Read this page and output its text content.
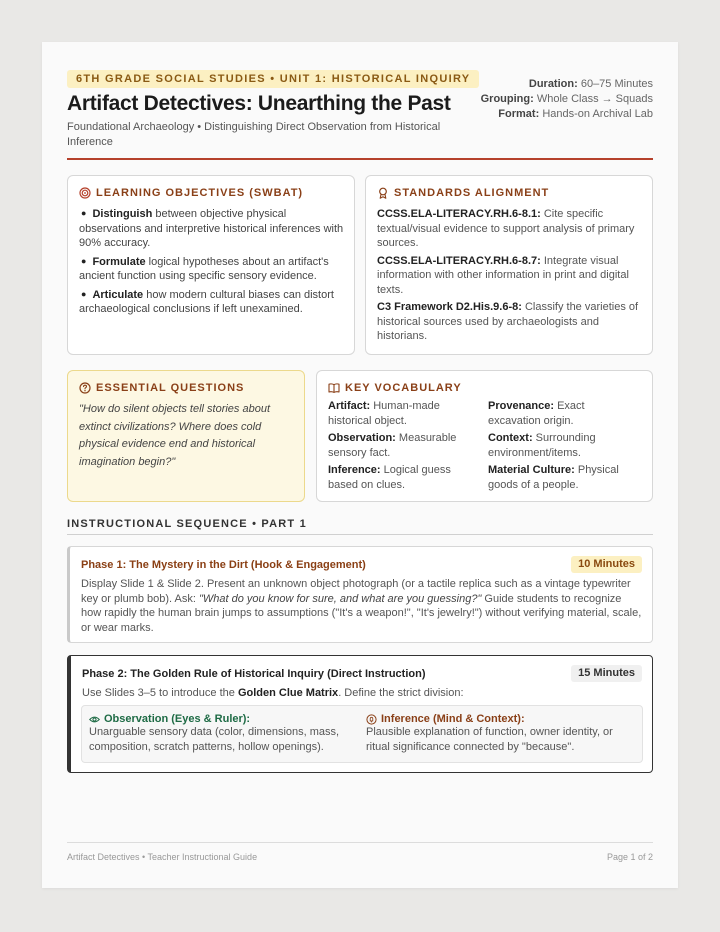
6TH GRADE SOCIAL STUDIES • UNIT 1: HISTORICAL INQUIRY
Artifact Detectives: Unearthing the Past
Foundational Archaeology • Distinguishing Direct Observation from Historical Inference
Duration: 60–75 Minutes
Grouping: Whole Class → Squads
Format: Hands-on Archival Lab
LEARNING OBJECTIVES (SWBAT)
● Distinguish between objective physical observations and interpretive historical inferences with 90% accuracy.
● Formulate logical hypotheses about an artifact's ancient function using specific sensory evidence.
● Articulate how modern cultural biases can distort archaeological conclusions if left unexamined.
STANDARDS ALIGNMENT
CCSS.ELA-LITERACY.RH.6-8.1: Cite specific textual/visual evidence to support analysis of primary sources.
CCSS.ELA-LITERACY.RH.6-8.7: Integrate visual information with other information in print and digital texts.
C3 Framework D2.His.9.6-8: Classify the varieties of historical sources used by archaeologists and historians.
ESSENTIAL QUESTIONS
"How do silent objects tell stories about extinct civilizations? Where does cold physical evidence end and historical imagination begin?"
KEY VOCABULARY
Artifact: Human-made historical object.
Provenance: Exact excavation origin.
Observation: Measurable sensory fact.
Context: Surrounding environment/items.
Inference: Logical guess based on clues.
Material Culture: Physical goods of a people.
INSTRUCTIONAL SEQUENCE • PART 1
Phase 1: The Mystery in the Dirt (Hook & Engagement)	10 Minutes
Display Slide 1 & Slide 2. Present an unknown object photograph (or a tactile replica such as a vintage typewriter key or plumb bob). Ask: "What do you know for sure, and what are you guessing?" Guide students to recognize how rapidly the human brain jumps to assumptions ("It's a weapon!", "It's jewelry!") without verifying material, scale, or wear marks.
Phase 2: The Golden Rule of Historical Inquiry (Direct Instruction)	15 Minutes
Use Slides 3–5 to introduce the Golden Clue Matrix. Define the strict division:
Observation (Eyes & Ruler):
Unarguable sensory data (color, dimensions, mass, composition, scratch patterns, hollow openings).
Inference (Mind & Context):
Plausible explanation of function, owner identity, or ritual significance connected by "because".
Artifact Detectives • Teacher Instructional Guide	Page 1 of 2
